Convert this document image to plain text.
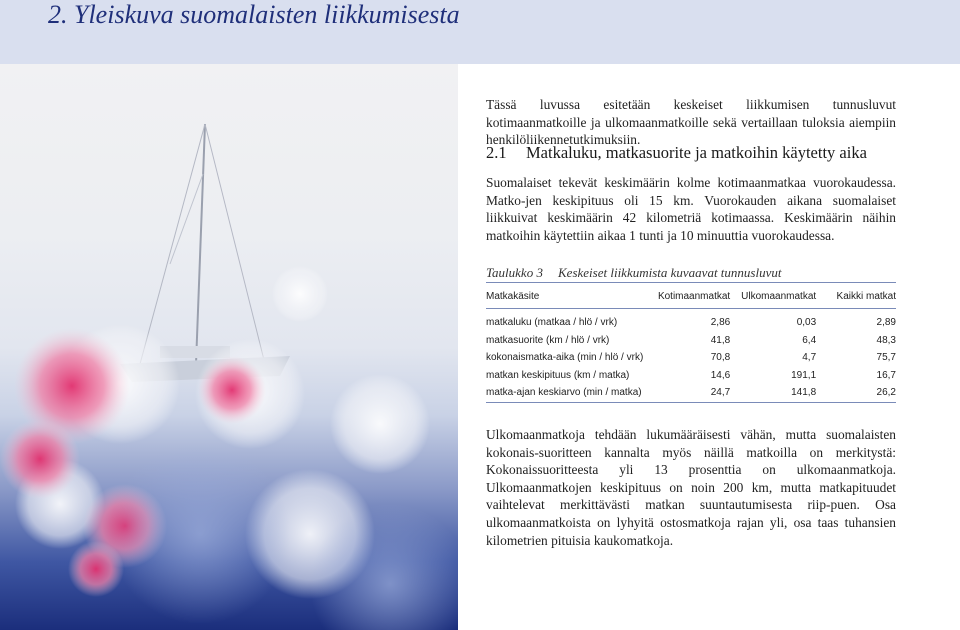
2. Yleiskuva suomalaisten liikkumisesta

Tässä luvussa esitetään keskeiset liikkumisen tunnusluvut kotimaanmatkoille ja ulkomaanmatkoille sekä vertaillaan tuloksia aiempiin henkilöliikennetutkimuksiin.

2.1 Matkaluku, matkasuorite ja matkoihin käytetty aika

Suomalaiset tekevät keskimäärin kolme kotimaanmatkaa vuorokaudessa. Matko-jen keskipituus oli 15 km. Vuorokauden aikana suomalaiset liikkuivat keskimäärin 42 kilometriä kotimaassa. Keskimäärin näihin matkoihin käytettiin aikaa 1 tunti ja 10 minuuttia vuorokaudessa.

Taulukko 3 Keskeiset liikkumista kuvaavat tunnusluvut
Matkakäsite	Kotimaanmatkat	Ulkomaanmatkat	Kaikki matkat
matkaluku (matkaa / hlö / vrk)	2,86	0,03	2,89
matkasuorite (km / hlö / vrk)	41,8	6,4	48,3
kokonaismatka-aika (min / hlö / vrk)	70,8	4,7	75,7
matkan keskipituus (km / matka)	14,6	191,1	16,7
matka-ajan keskiarvo (min / matka)	24,7	141,8	26,2

Ulkomaanmatkoja tehdään lukumääräisesti vähän, mutta suomalaisten kokonais-suoritteen kannalta myös näillä matkoilla on merkitystä: Kokonaissuoritteesta yli 13 prosenttia on ulkomaanmatkoja. Ulkomaanmatkojen keskipituus on noin 200 km, mutta matkapituudet vaihtelevat merkittävästi matkan suuntautumisesta riip-puen. Osa ulkomaanmatkoista on lyhyitä ostosmatkoja rajan yli, osa taas tuhansien kilometrien pituisia kaukomatkoja.
